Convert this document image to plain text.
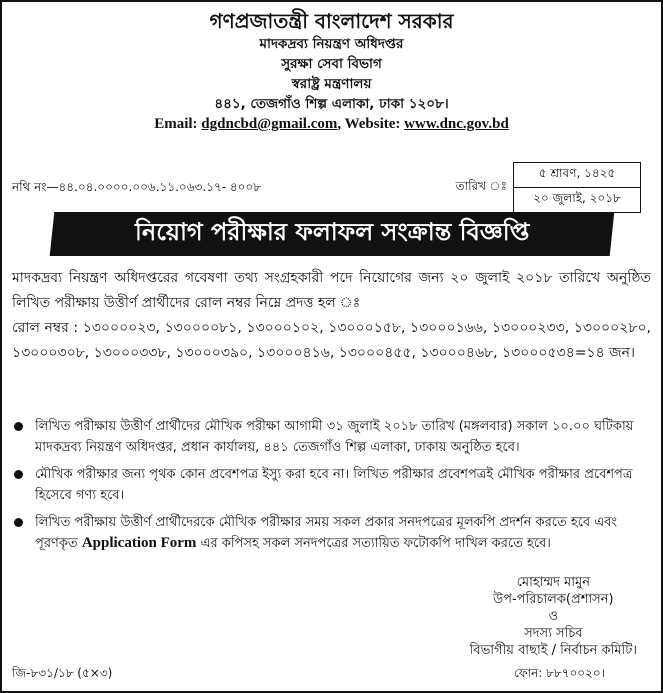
গণপ্রজাতন্ত্রী বাংলাদেশ সরকার
মাদকদ্রব্য নিয়ন্ত্রণ অধিদপ্তর
সুরক্ষা সেবা বিভাগ
স্বরাষ্ট্র মন্ত্রণালয়
৪৪১, তেজগাঁও শিল্প এলাকা, ঢাকা ১২০৮।
Email: dgdncbd@gmail.com, Website: www.dnc.gov.bd
নথি নং—৪৪.০৪.০০০০.০০৬.১১.০৬৩.১৭- ৪০০৮	তারিখ ঃ
৫ শ্রাবণ, ১৪২৫
২০ জুলাই, ২০১৮
নিয়োগ পরীক্ষার ফলাফল সংক্রান্ত বিজ্ঞপ্তি
মাদকদ্রব্য নিয়ন্ত্রণ অধিদপ্তরের গবেষণা তথ্য সংগ্রহকারী পদে নিয়োগের জন্য ২০ জুলাই ২০১৮ তারিখে অনুষ্ঠিত লিখিত পরীক্ষায় উত্তীর্ণ প্রার্থীদের রোল নম্বর নিম্নে প্রদত্ত হল ঃ
রোল নম্বর : ১৩০০০০২৩, ১৩০০০০৮১, ১৩০০০১০২, ১৩০০০১৫৮, ১৩০০০১৬৬, ১৩০০০২৩৩, ১৩০০০২৮০, ১৩০০০৩০৮, ১৩০০০৩৩৮, ১৩০০০৩৯০, ১৩০০০৪১৬, ১৩০০০৪৫৫, ১৩০০০৪৬৮, ১৩০০০৫৩৪=১৪ জন।
লিখিত পরীক্ষায় উত্তীর্ণ প্রার্থীদের মৌখিক পরীক্ষা আগামী ৩১ জুলাই ২০১৮ তারিখ (মঙ্গলবার) সকাল ১০.০০ ঘটিকায় মাদকদ্রব্য নিয়ন্ত্রণ অধিদপ্তর, প্রধান কার্যালয়, ৪৪১ তেজগাঁও শিল্প এলাকা, ঢাকায় অনুষ্ঠিত হবে।
মৌখিক পরীক্ষার জন্য পৃথক কোন প্রবেশপত্র ইস্যু করা হবে না। লিখিত পরীক্ষার প্রবেশপত্রই মৌখিক পরীক্ষার প্রবেশপত্র হিসেবে গণ্য হবে।
লিখিত পরীক্ষায় উত্তীর্ণ প্রার্থীদেরকে মৌখিক পরীক্ষার সময় সকল প্রকার সনদপত্রের মূলকপি প্রদর্শন করতে হবে এবং পূরণকৃত Application Form এর কপিসহ সকল সনদপত্রের সত্যায়িত ফটোকপি দাখিল করতে হবে।
মোহাম্মদ মামুন
উপ-পরিচালক(প্রশাসন)
ও
সদস্য সচিব
বিভাগীয় বাছাই / নির্বাচন কমিটি।
জি-৮৩১/১৮ (৫×৩)	ফোন: ৮৮৭০০২০।
